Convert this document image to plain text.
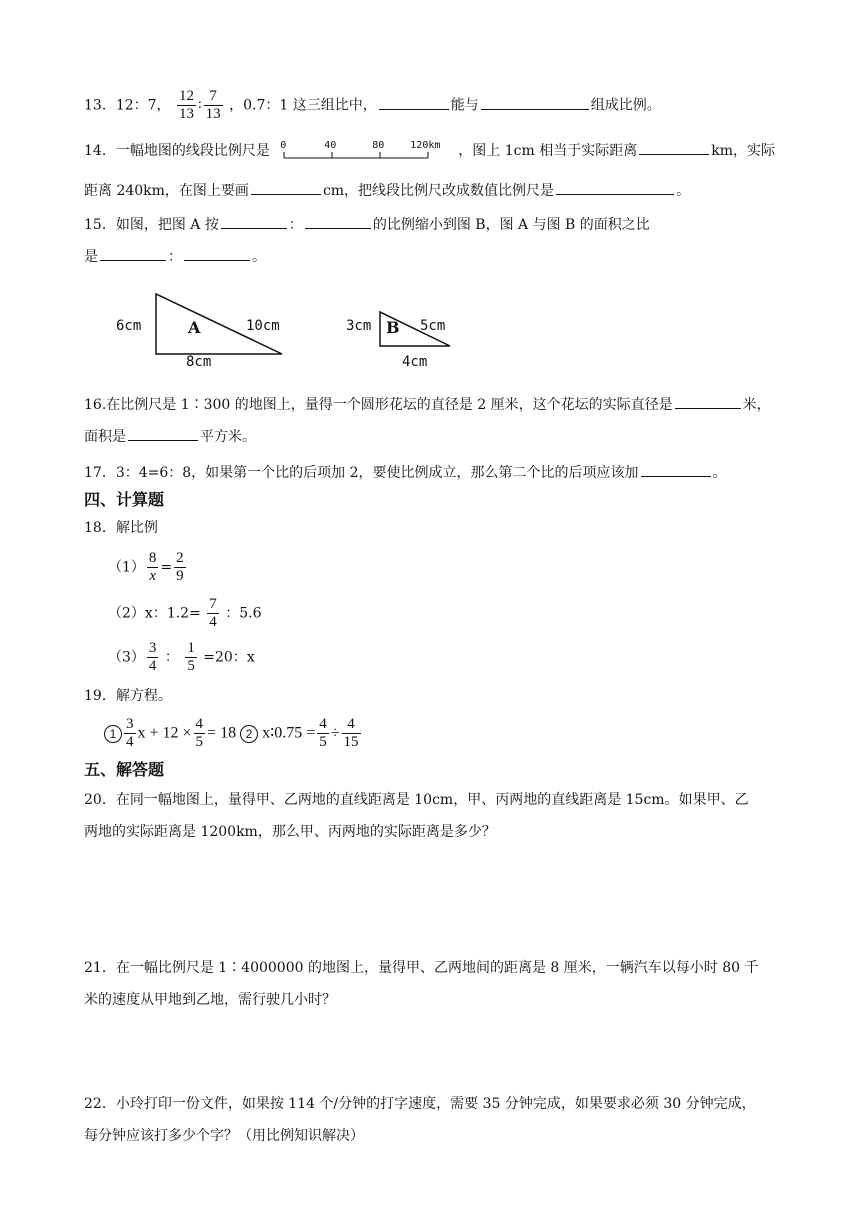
13．12：7， $\frac{12}{13}$ ∶ $\frac{7}{13}$ ，0.7：1 这三组比中，	能与	组成比例。
14．一幅地图的线段比例尺是 0	40	80	120km ，图上 1cm 相当于实际距离	km，实际
距离 240km，在图上要画	cm，把线段比例尺改成数值比例尺是	。
15．如图，把图 A 按	：	的比例缩小到图 B，图 A 与图 B 的面积之比
是	：	。
6cm	A	10cm
8cm
3cm B 5cm
4cm
16.在比例尺是 1∶300 的地图上，量得一个圆形花坛的直径是 2 厘米，这个花坛的实际直径是	米，
面积是	平方米。
17．3：4=6：8，如果第一个比的后项加 2，要使比例成立，那么第二个比的后项应该加	。
四、计算题
18．解比例
$(1) \frac{8}{x} = \frac{2}{9}$
（2）x：$1.2= \frac{7}{4}$ ：5.6
$(3) \frac{3}{4}$ ： $\frac{1}{5} =20$：x
19．解方程。
$1 \frac{3}{4}$ $x + 12 \times \frac{4}{5} = 18$ 2 x∶0.75 = $\frac{4}{5} \div \frac{4}{15}$
五、解答题
20．在同一幅地图上，量得甲、乙两地的直线距离是 10cm，甲、丙两地的直线距离是 15cm。如果甲、乙
两地的实际距离是 1200km，那么甲、丙两地的实际距离是多少？
21．在一幅比例尺是 1∶4000000 的地图上，量得甲、乙两地间的距离是 8 厘米，一辆汽车以每小时 80 千
米的速度从甲地到乙地，需行驶几小时？
22．小玲打印一份文件，如果按 114 个/分钟的打字速度，需要 35 分钟完成，如果要求必须 30 分钟完成，
每分钟应该打多少个字？（用比例知识解决）
